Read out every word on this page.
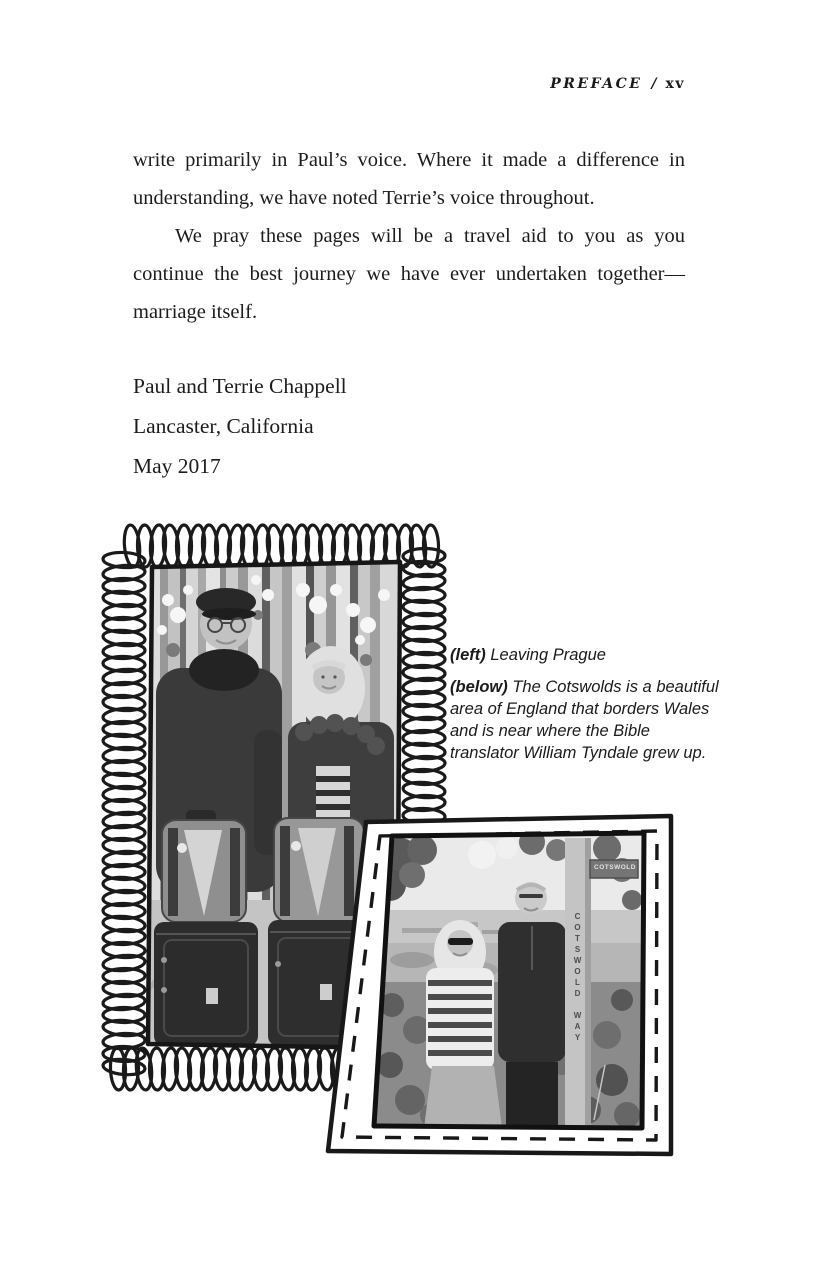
PREFACE / xv

write primarily in Paul’s voice. Where it made a difference in understanding, we have noted Terrie’s voice throughout.

We pray these pages will be a travel aid to you as you continue the best journey we have ever undertaken together—marriage itself.

Paul and Terrie Chappell
Lancaster, California
May 2017

(left) Leaving Prague

(below) The Cotswolds is a beautiful area of England that borders Wales and is near where the Bible translator William Tyndale grew up.

COTSWOLD
COTSWOLD WAY
